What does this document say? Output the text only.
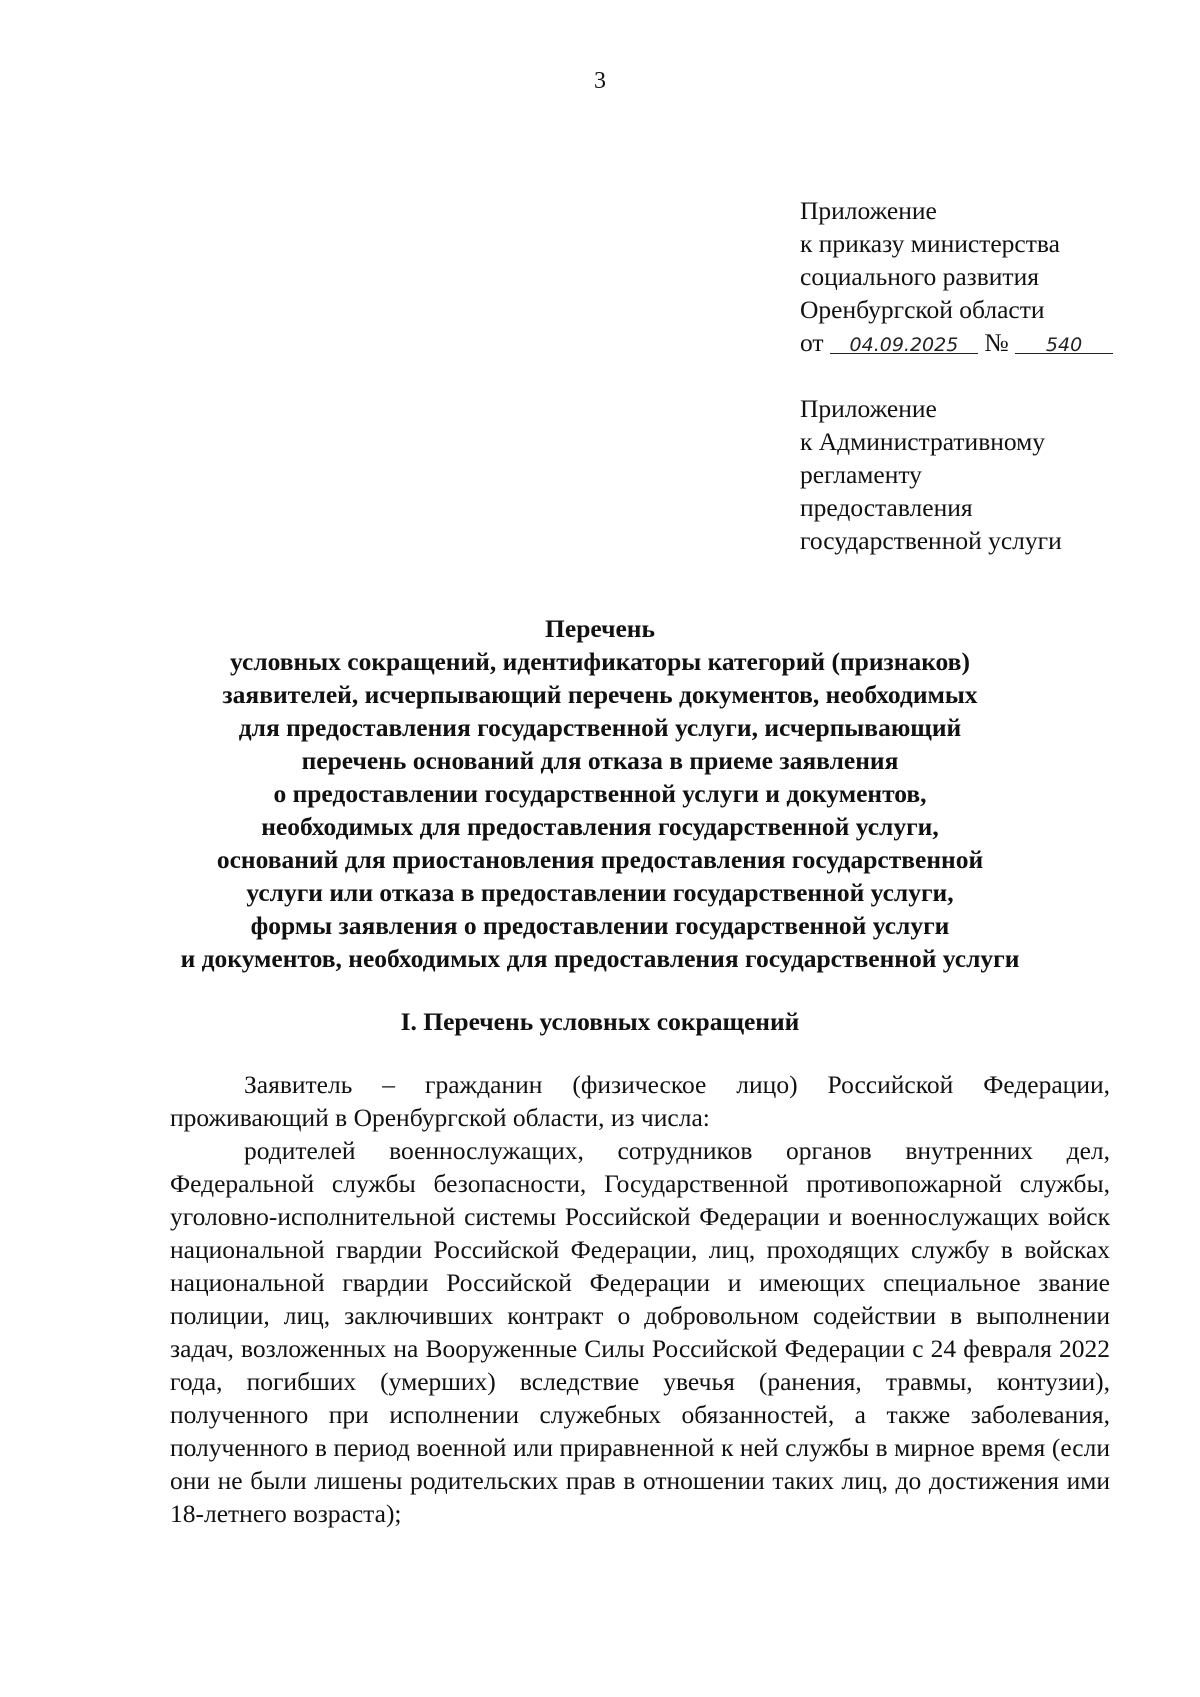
3
Приложение
к приказу министерства
социального развития
Оренбургской области
от 04.09.2025 № 540
Приложение
к Административному
регламенту
предоставления
государственной услуги
Перечень
условных сокращений, идентификаторы категорий (признаков)
заявителей, исчерпывающий перечень документов, необходимых
для предоставления государственной услуги, исчерпывающий
перечень оснований для отказа в приеме заявления
о предоставлении государственной услуги и документов,
необходимых для предоставления государственной услуги,
оснований для приостановления предоставления государственной
услуги или отказа в предоставлении государственной услуги,
формы заявления о предоставлении государственной услуги
и документов, необходимых для предоставления государственной услуги
I. Перечень условных сокращений

Заявитель – гражданин (физическое лицо) Российской Федерации, проживающий в Оренбургской области, из числа:

родителей военнослужащих, сотрудников органов внутренних дел, Федеральной службы безопасности, Государственной противопожарной службы, уголовно-исполнительной системы Российской Федерации и военнослужащих войск национальной гвардии Российской Федерации, лиц, проходящих службу в войсках национальной гвардии Российской Федерации и имеющих специальное звание полиции, лиц, заключивших контракт о добровольном содействии в выполнении задач, возложенных на Вооруженные Силы Российской Федерации с 24 февраля 2022 года, погибших (умерших) вследствие увечья (ранения, травмы, контузии), полученного при исполнении служебных обязанностей, а также заболевания, полученного в период военной или приравненной к ней службы в мирное время (если они не были лишены родительских прав в отношении таких лиц, до достижения ими 18-летнего возраста);
